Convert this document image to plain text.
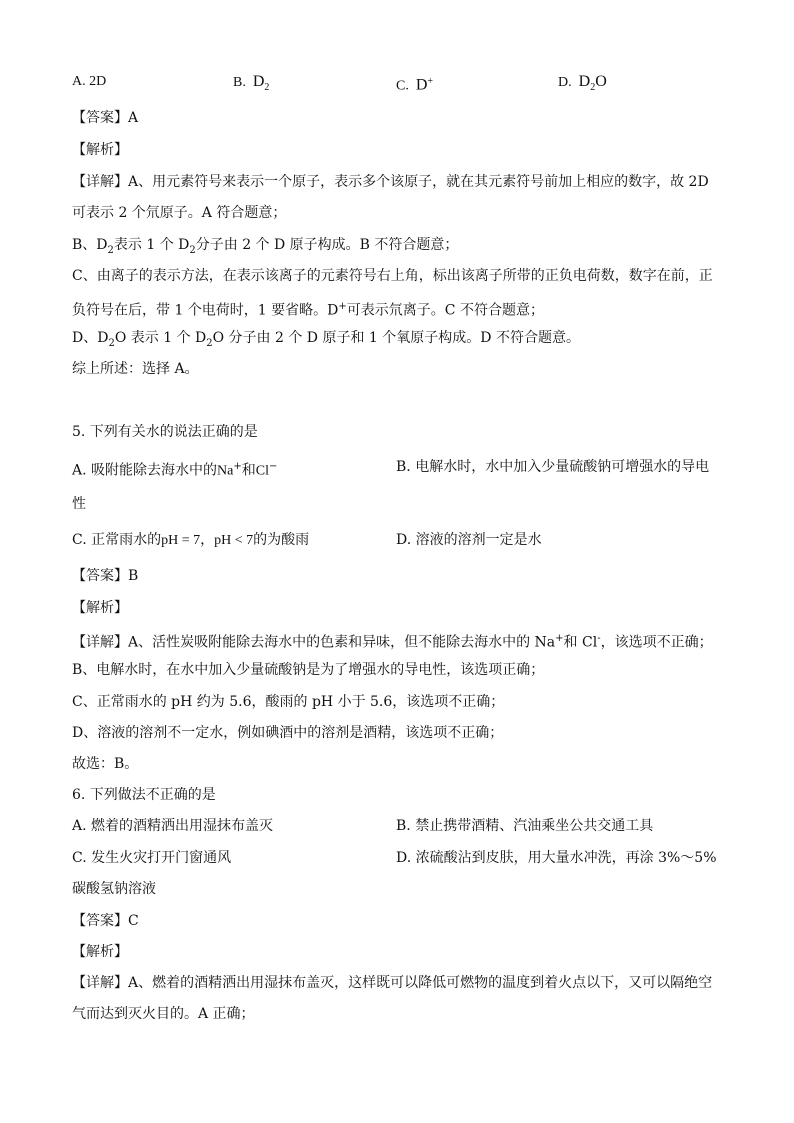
A. 2D	B. $D_2$	C. D+	D. $D_2O$
【答案】A
【解析】
【详解】A、用元素符号来表示一个原子，表示多个该原子，就在其元素符号前加上相应的数字，故 2D
可表示 2 个氘原子。A 符合题意；
B、$D_2$表示 1 个 $D_2$分子由 2 个 D 原子构成。B 不符合题意；
C、由离子的表示方法，在表示该离子的元素符号右上角，标出该离子所带的正负电荷数，数字在前，正
负符号在后，带 1 个电荷时，1 要省略。D+可表示氘离子。C 不符合题意；
D、$D_2O$ 表示 1 个 $D_2O$ 分子由 2 个 D 原子和 1 个氧原子构成。D 不符合题意。
综上所述：选择 A。
5. 下列有关水的说法正确的是
A. 吸附能除去海水中的Na+和Cl−	B. 电解水时，水中加入少量硫酸钠可增强水的导电
性
C. 正常雨水的pH = 7，pH < 7的为酸雨	D. 溶液的溶剂一定是水
【答案】B
【解析】
【详解】A、活性炭吸附能除去海水中的色素和异味，但不能除去海水中的 Na+和 Cl-，该选项不正确；
B、电解水时，在水中加入少量硫酸钠是为了增强水的导电性，该选项正确；
C、正常雨水的 pH 约为 5.6，酸雨的 pH 小于 5.6，该选项不正确；
D、溶液的溶剂不一定水，例如碘酒中的溶剂是酒精，该选项不正确；
故选：B。
6. 下列做法不正确的是
A. 燃着的酒精洒出用湿抹布盖灭	B. 禁止携带酒精、汽油乘坐公共交通工具
C. 发生火灾打开门窗通风	D. 浓硫酸沾到皮肤，用大量水冲洗，再涂 3%～5%
碳酸氢钠溶液
【答案】C
【解析】
【详解】A、燃着的酒精洒出用湿抹布盖灭，这样既可以降低可燃物的温度到着火点以下，又可以隔绝空
气而达到灭火目的。A 正确；
